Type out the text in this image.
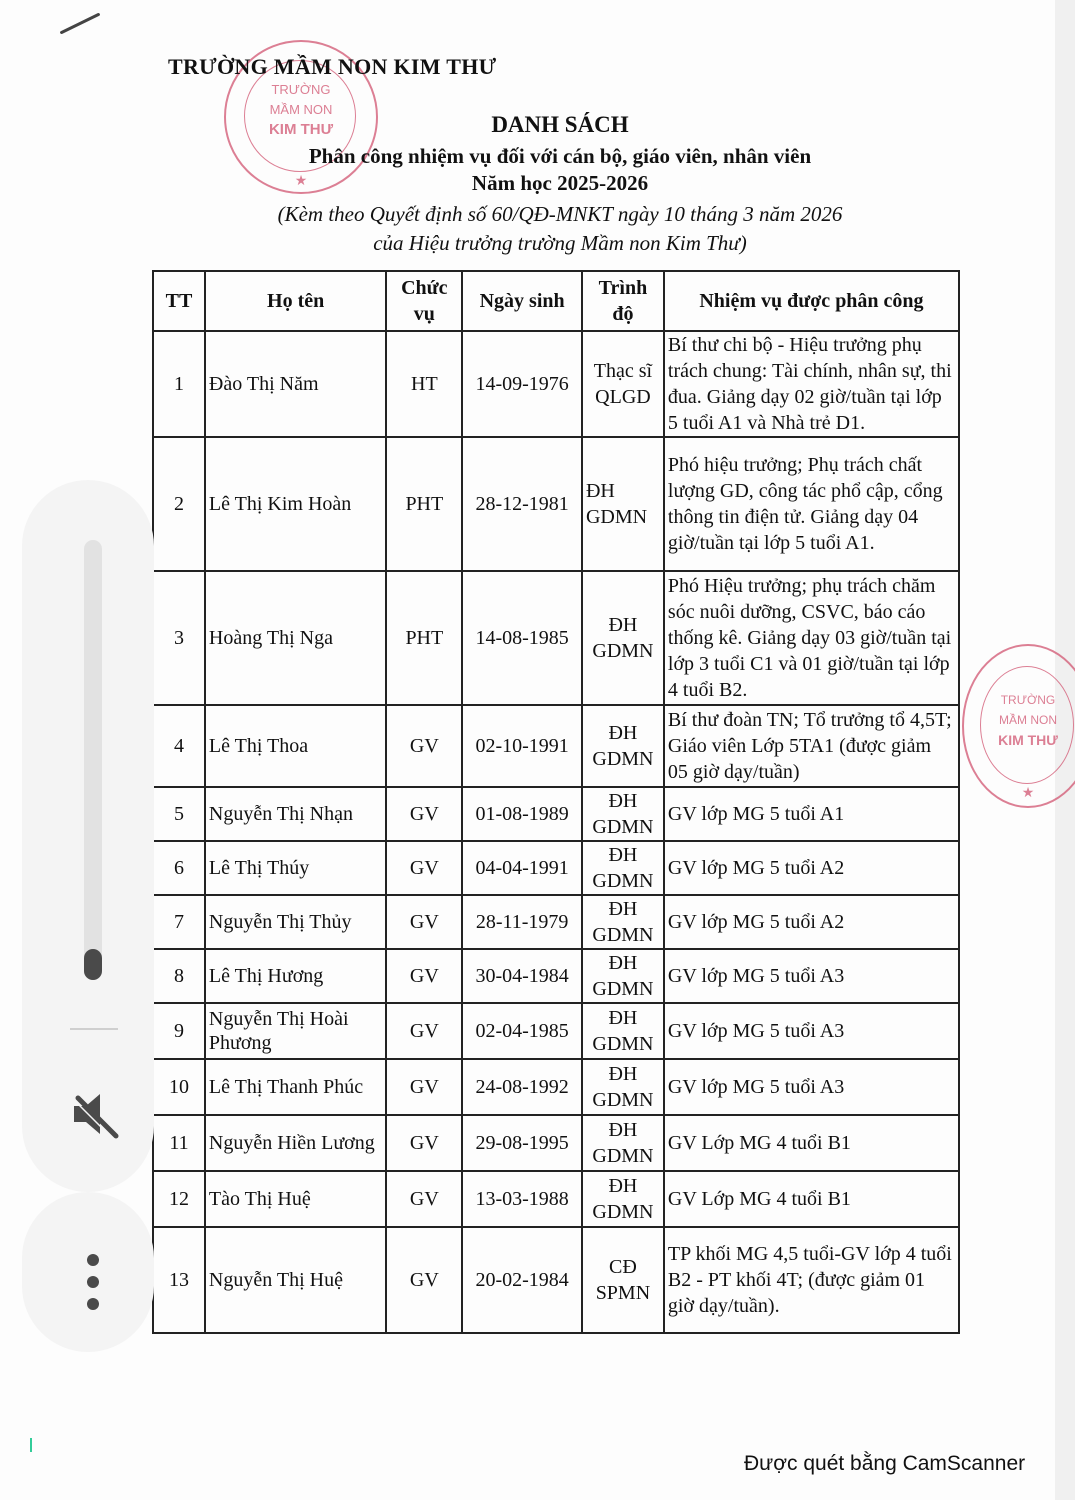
TRƯỜNG
MẦM NON
KIM THƯ
★
TRƯỜNG MẦM NON KIM THƯ
DANH SÁCH
Phân công nhiệm vụ đối với cán bộ, giáo viên, nhân viên
Năm học 2025-2026
(Kèm theo Quyết định số 60/QĐ-MNKT ngày 10 tháng 3 năm 2026
của Hiệu trưởng trường Mầm non Kim Thư)
TT	Họ tên	Chức vụ	Ngày sinh	Trình độ	Nhiệm vụ được phân công
1	Đào Thị Năm	HT	14-09-1976	Thạc sĩ QLGD	Bí thư chi bộ - Hiệu trưởng phụ trách chung: Tài chính, nhân sự, thi đua. Giảng dạy 02 giờ/tuần tại lớp 5 tuổi A1 và Nhà trẻ D1.
2	Lê Thị Kim Hoàn	PHT	28-12-1981	ĐH GDMN	Phó hiệu trưởng; Phụ trách chất lượng GD, công tác phổ cập, cổng thông tin điện tử. Giảng dạy 04 giờ/tuần tại lớp 5 tuổi A1.
3	Hoàng Thị Nga	PHT	14-08-1985	ĐH GDMN	Phó Hiệu trưởng; phụ trách chăm sóc nuôi dưỡng, CSVC, báo cáo thống kê. Giảng dạy 03 giờ/tuần tại lớp 3 tuổi C1 và 01 giờ/tuần tại lớp 4 tuổi B2.
4	Lê Thị Thoa	GV	02-10-1991	ĐH GDMN	Bí thư đoàn TN; Tổ trưởng tổ 4,5T; Giáo viên Lớp 5TA1 (được giảm 05 giờ dạy/tuần)
5	Nguyễn Thị Nhạn	GV	01-08-1989	ĐH GDMN	GV lớp MG 5 tuổi A1
6	Lê Thị Thúy	GV	04-04-1991	ĐH GDMN	GV lớp MG 5 tuổi A2
7	Nguyễn Thị Thủy	GV	28-11-1979	ĐH GDMN	GV lớp MG 5 tuổi A2
8	Lê Thị Hương	GV	30-04-1984	ĐH GDMN	GV lớp MG 5 tuổi A3
9	Nguyễn Thị Hoài Phương	GV	02-04-1985	ĐH GDMN	GV lớp MG 5 tuổi A3
10	Lê Thị Thanh Phúc	GV	24-08-1992	ĐH GDMN	GV lớp MG 5 tuổi A3
11	Nguyễn Hiền Lương	GV	29-08-1995	ĐH GDMN	GV Lớp MG 4 tuổi B1
12	Tào Thị Huệ	GV	13-03-1988	ĐH GDMN	GV Lớp MG 4 tuổi B1
13	Nguyễn Thị Huệ	GV	20-02-1984	CĐ SPMN	TP khối MG 4,5 tuổi-GV lớp 4 tuổi B2 - PT khối 4T; (được giảm 01 giờ dạy/tuần).
TRƯỜNG
MẦM NON
KIM THƯ
★
Được quét bằng CamScanner
